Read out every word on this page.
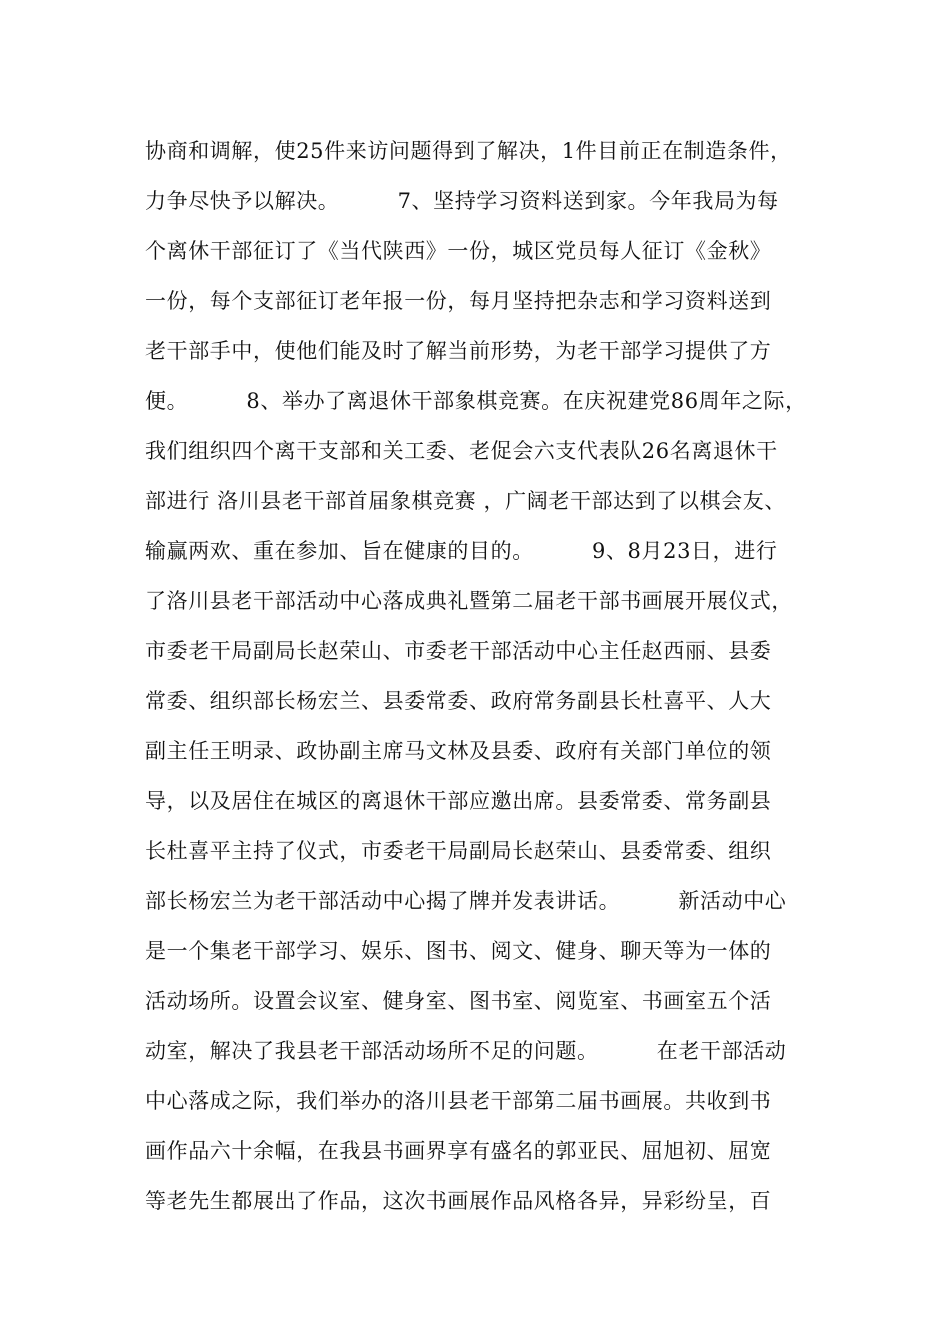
协商和调解，使25件来访问题得到了解决，1件目前正在制造条件，
力争尽快予以解决。        7、坚持学习资料送到家。今年我局为每
个离休干部征订了《当代陕西》一份，城区党员每人征订《金秋》
一份，每个支部征订老年报一份，每月坚持把杂志和学习资料送到
老干部手中，使他们能及时了解当前形势，为老干部学习提供了方
便。        8、举办了离退休干部象棋竞赛。在庆祝建党86周年之际，
我们组织四个离干支部和关工委、老促会六支代表队26名离退休干
部进行 洛川县老干部首届象棋竞赛 ，广阔老干部达到了以棋会友、
输赢两欢、重在参加、旨在健康的目的。        9、8月23日，进行
了洛川县老干部活动中心落成典礼暨第二届老干部书画展开展仪式，
市委老干局副局长赵荣山、市委老干部活动中心主任赵西丽、县委
常委、组织部长杨宏兰、县委常委、政府常务副县长杜喜平、人大
副主任王明录、政协副主席马文林及县委、政府有关部门单位的领
导，以及居住在城区的离退休干部应邀出席。县委常委、常务副县
长杜喜平主持了仪式，市委老干局副局长赵荣山、县委常委、组织
部长杨宏兰为老干部活动中心揭了牌并发表讲话。        新活动中心
是一个集老干部学习、娱乐、图书、阅文、健身、聊天等为一体的
活动场所。设置会议室、健身室、图书室、阅览室、书画室五个活
动室，解决了我县老干部活动场所不足的问题。        在老干部活动
中心落成之际，我们举办的洛川县老干部第二届书画展。共收到书
画作品六十余幅，在我县书画界享有盛名的郭亚民、屈旭初、屈宽
等老先生都展出了作品，这次书画展作品风格各异，异彩纷呈，百
